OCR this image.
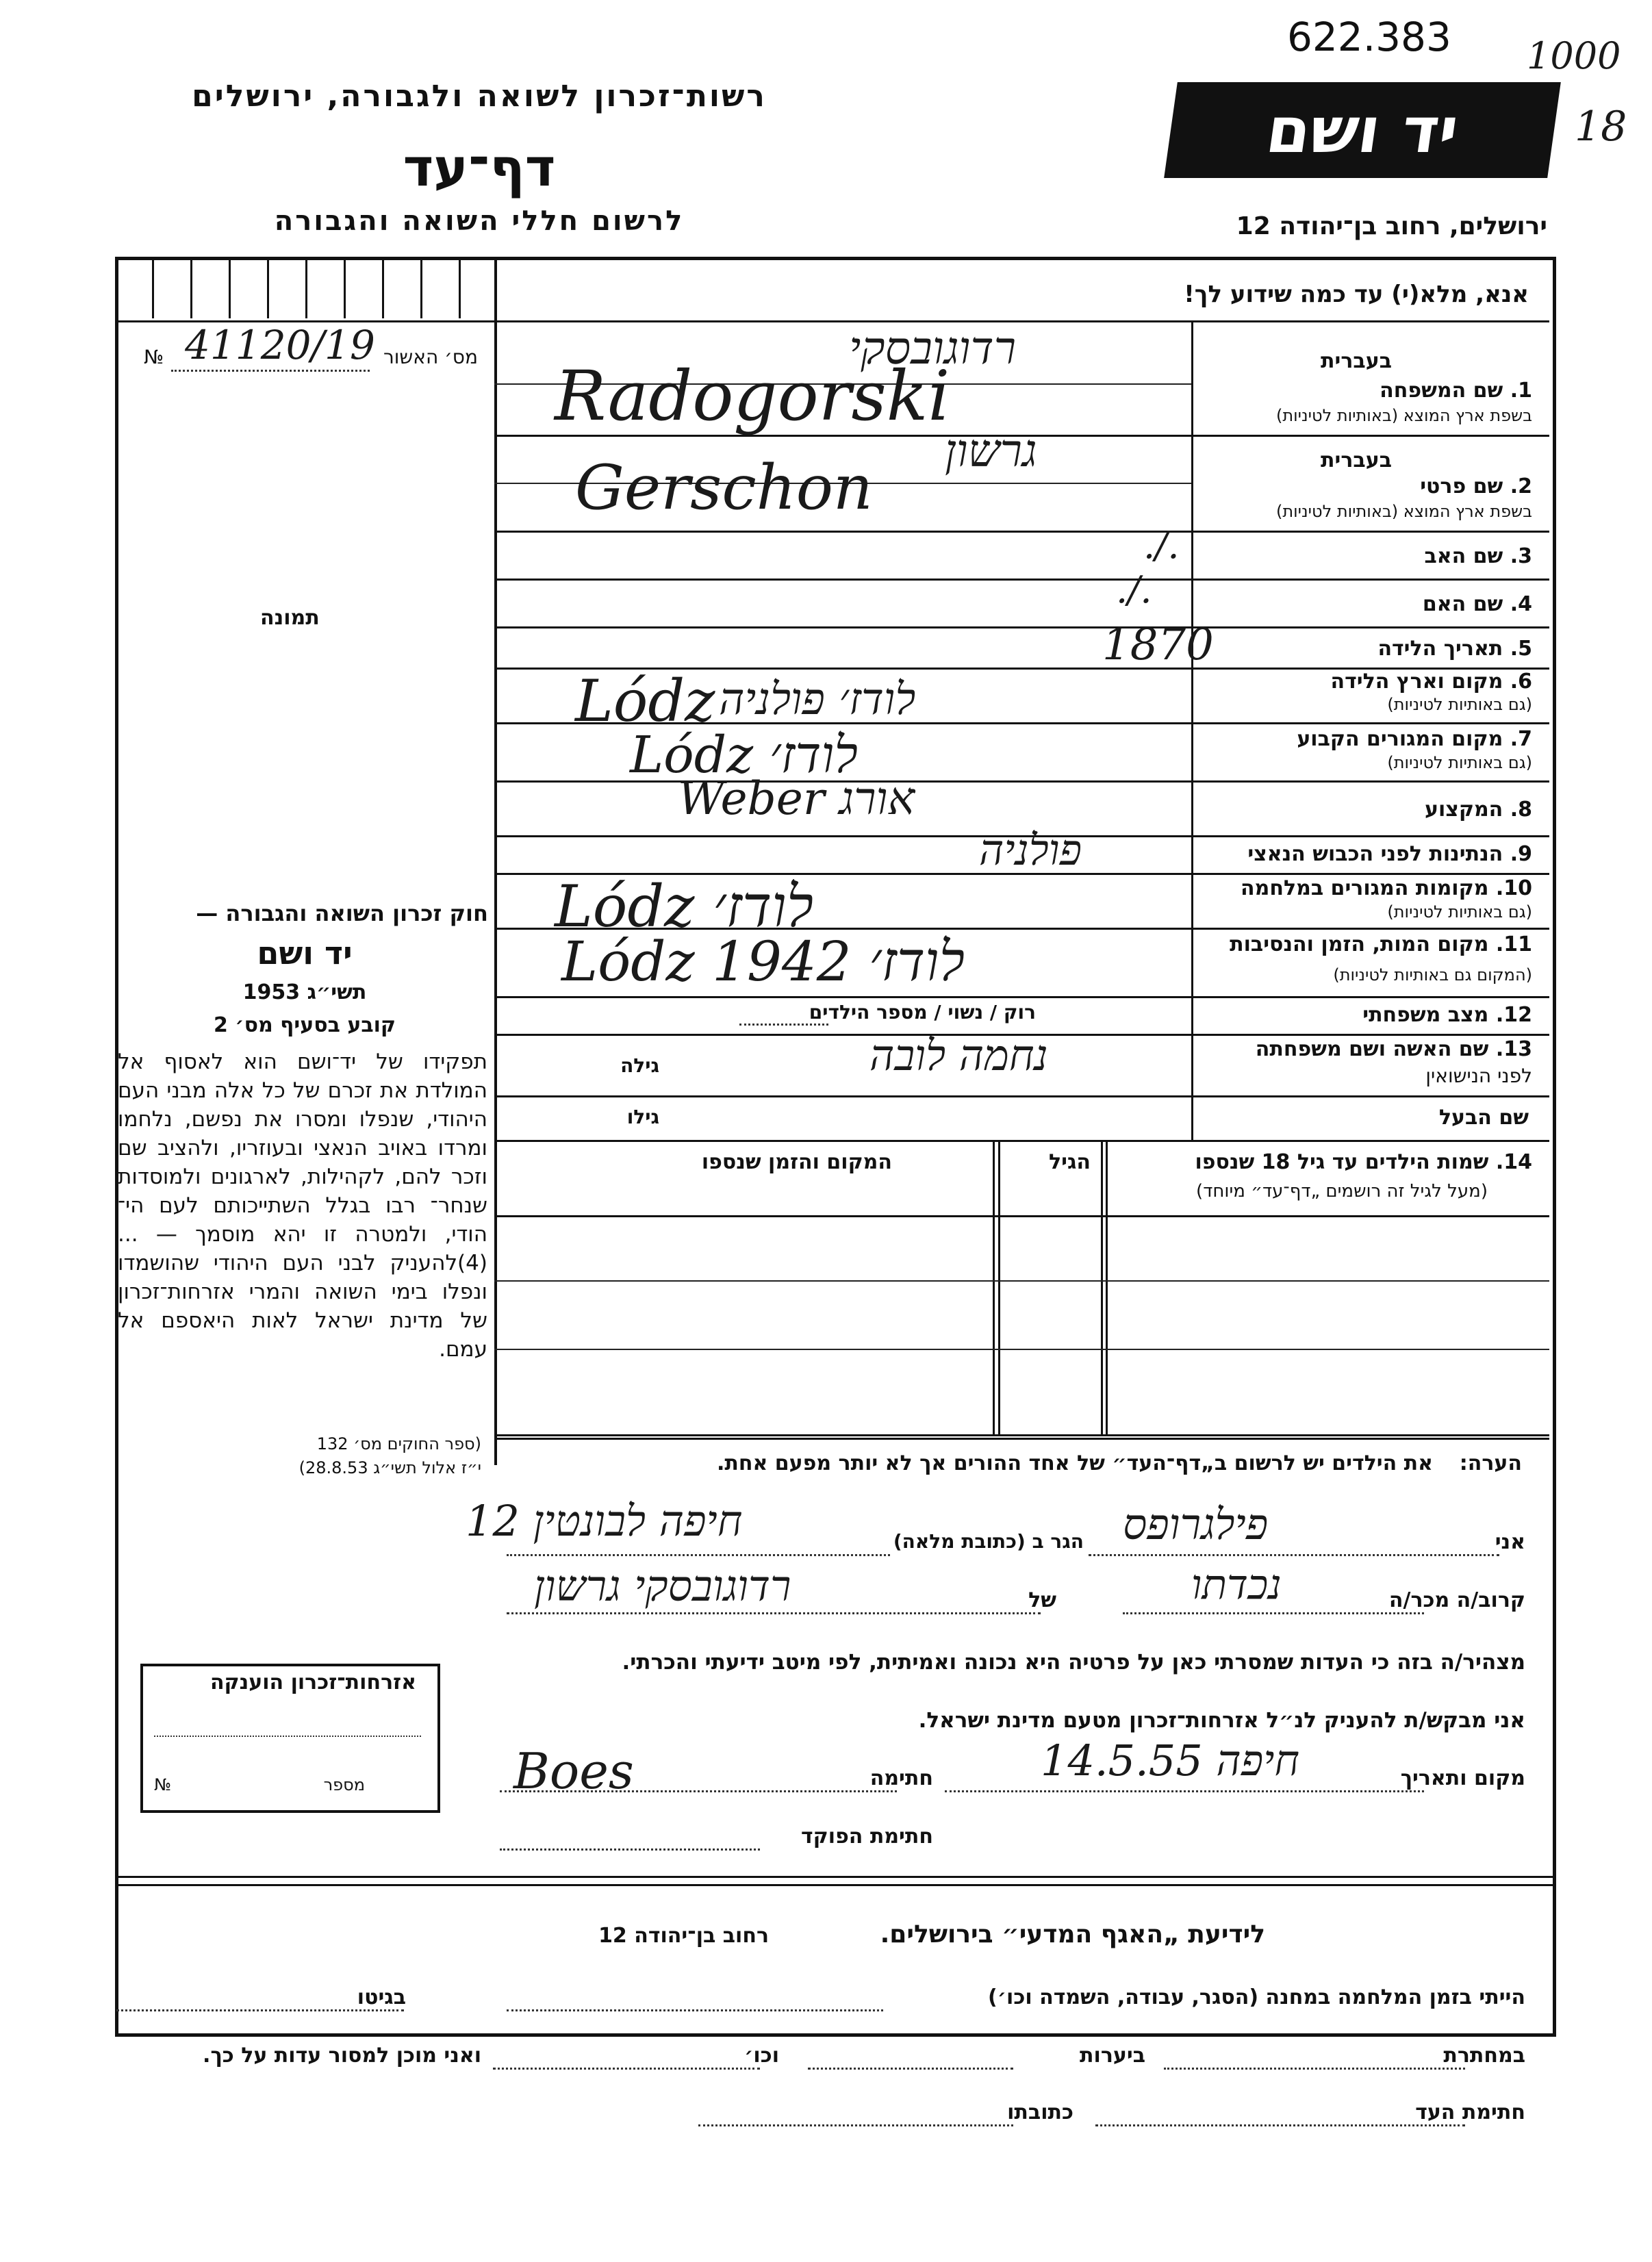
622.383 1000
18
רשות־זכרון לשואה ולגבורה, ירושלים
דף־עד
לרשום חללי השואה והגבורה
יד ושם
ירושלים, רחוב בן־יהודה 12
אנא, מלא(י) עד כמה שידוע לך!
№ 41120/19 מס׳ האשור
תמונה
בעברית
1. שם המשפחה
בשפת ארץ המוצא (באותיות לטיניות)
בעברית
2. שם פרטי
בשפת ארץ המוצא (באותיות לטיניות)
3. שם האב
4. שם האם
5. תאריך הלידה
6. מקום וארץ הלידה
(גם באותיות לטיניות)
7. מקום המגורים הקבוע
(גם באותיות לטיניות)
8. המקצוע
9. הנתינות לפני הכבוש הנאצי
10. מקומות המגורים במלחמה
(גם באותיות לטיניות)
11. מקום המות, הזמן והנסיבות
(המקום גם באותיות לטיניות)
12. מצב משפחתי
רוק / נשוי / מספר הילדים
13. שם האשה ושם משפחתה
לפני הנישואין
גילה
שם הבעל
גילו
רדוגובסקי
Radogorski
גרשון
Gerschon
./.
./.
1870
Lódz לודז׳ פולניה
Lódz לודז׳
Weber אורג
פולניה
Lódz לודז׳
Lódz לודז׳ 1942
נחמה לובה
14. שמות הילדים עד גיל 18 שנספו
(מעל לגיל זה רושמים „דף־עד״ מיוחד)
הגיל
המקום והזמן שנספו
חוק זכרון השואה והגבורה —
יד ושם
תשי״ג 1953
קובע בסעיף מס׳ 2
תפקידו של יד־ושם הוא לאסוף אל המולדת את זכרם של כל אלה מבני העם היהודי, שנפלו ומסרו את נפשם, נלחמו ומרדו באויב הנאצי ובעוזריו, ולהציב שם וזכר להם, לקהילות, לארגונים ולמוסדות שנחר־ רבו בגלל השתייכותם לעם הי־ הודי, ולמטרה זו יהא מוסמך — ...(4)להעניק לבני העם היהודי שהושמדו ונפלו בימי השואה והמרי אזרחות־זכרון של מדינת ישראל לאות היאספם אל עמם.
(ספר החוקים מס׳ 132
י״ז אלול תשי״ג 28.8.53)	הערה:
את הילדים יש לרשום ב„דף־העד״ של אחד ההורים אך לא יותר מפעם אחת.
אני
פילגרופס
הגר ב (כתובת מלאה)
חיפה לבונטין 12
קרוב/ה מכר/ה
נכדתו
של
רדוגובסקי גרשון
מצהיר/ה בזה כי העדות שמסרתי כאן על פרטיה היא נכונה ואמיתית, לפי מיטב ידיעתי והכרתי.
אני מבקש/ת להעניק לנ״ל אזרחות־זכרון מטעם מדינת ישראל.
מקום ותאריך
חיפה 14.5.55
חתימה
Boes
חתימת הפוקד
אזרחות־זכרון הוענקה
№	מספר
לידיעת „האגף המדעי״ בירושלים.
רחוב בן־יהודה 12
הייתי בזמן המלחמה במחנה (הסגר, עבודה, השמדה וכו׳)
בגיטו
במחתרת
ביערות
וכו׳
ואני מוכן למסור עדות על כך.
חתימת העד
כתובתו
